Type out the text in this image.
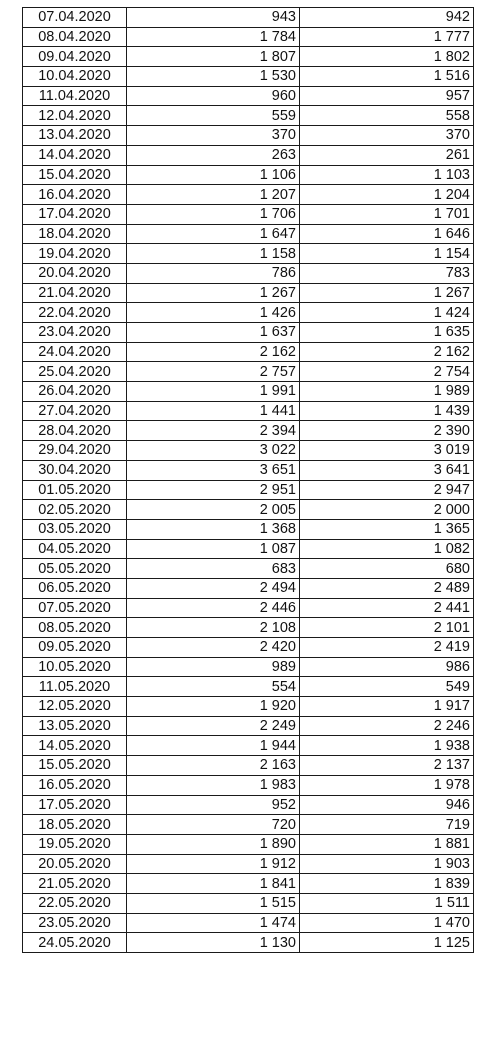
07.04.2020	943	942
08.04.2020	1 784	1 777
09.04.2020	1 807	1 802
10.04.2020	1 530	1 516
11.04.2020	960	957
12.04.2020	559	558
13.04.2020	370	370
14.04.2020	263	261
15.04.2020	1 106	1 103
16.04.2020	1 207	1 204
17.04.2020	1 706	1 701
18.04.2020	1 647	1 646
19.04.2020	1 158	1 154
20.04.2020	786	783
21.04.2020	1 267	1 267
22.04.2020	1 426	1 424
23.04.2020	1 637	1 635
24.04.2020	2 162	2 162
25.04.2020	2 757	2 754
26.04.2020	1 991	1 989
27.04.2020	1 441	1 439
28.04.2020	2 394	2 390
29.04.2020	3 022	3 019
30.04.2020	3 651	3 641
01.05.2020	2 951	2 947
02.05.2020	2 005	2 000
03.05.2020	1 368	1 365
04.05.2020	1 087	1 082
05.05.2020	683	680
06.05.2020	2 494	2 489
07.05.2020	2 446	2 441
08.05.2020	2 108	2 101
09.05.2020	2 420	2 419
10.05.2020	989	986
11.05.2020	554	549
12.05.2020	1 920	1 917
13.05.2020	2 249	2 246
14.05.2020	1 944	1 938
15.05.2020	2 163	2 137
16.05.2020	1 983	1 978
17.05.2020	952	946
18.05.2020	720	719
19.05.2020	1 890	1 881
20.05.2020	1 912	1 903
21.05.2020	1 841	1 839
22.05.2020	1 515	1 511
23.05.2020	1 474	1 470
24.05.2020	1 130	1 125
